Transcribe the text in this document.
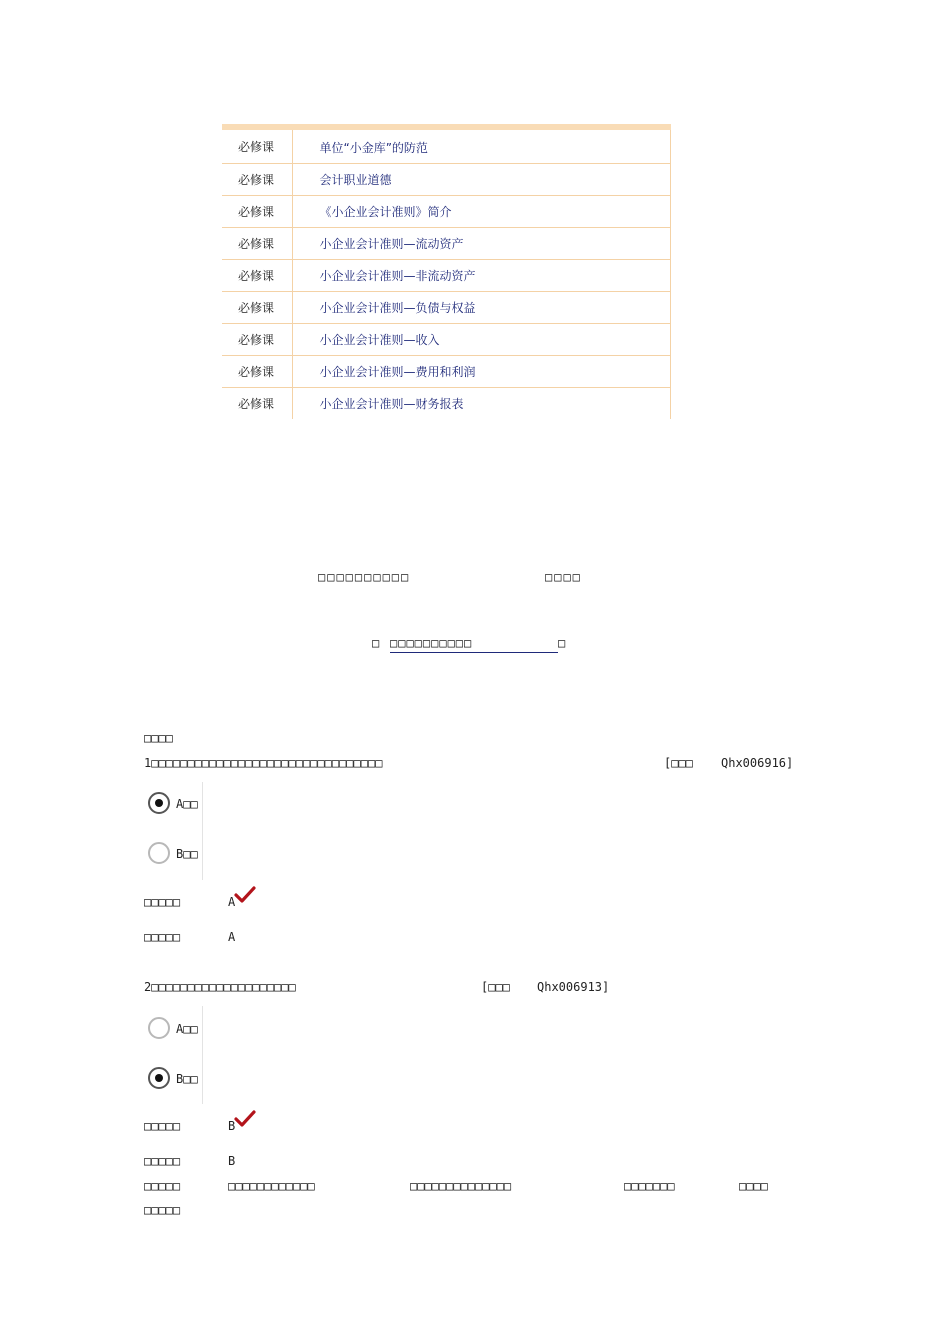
必修课	单位“小金库”的防范
必修课	会计职业道德
必修课	《小企业会计准则》简介
必修课	小企业会计准则—流动资产
必修课	小企业会计准则—非流动资产
必修课	小企业会计准则—负债与权益
必修课	小企业会计准则—收入
必修课	小企业会计准则—费用和利润
必修课	小企业会计准则—财务报表
□□□□□□□□□□	□□□□
□ □□□□□□□□□□	□
□□□□
1□□□□□□□□□□□□□□□□□□□□□□□□□□□□□□□□	[□□□ Qhx006916]
A□□
B□□
□□□□□	A
□□□□□	A
2□□□□□□□□□□□□□□□□□□□□	[□□□ Qhx006913]
A□□
B□□
□□□□□	B
□□□□□	B
□□□□□	□□□□□□□□□□□□	□□□□□□□□□□□□□□	□□□□□□□	□□□□
□□□□□
